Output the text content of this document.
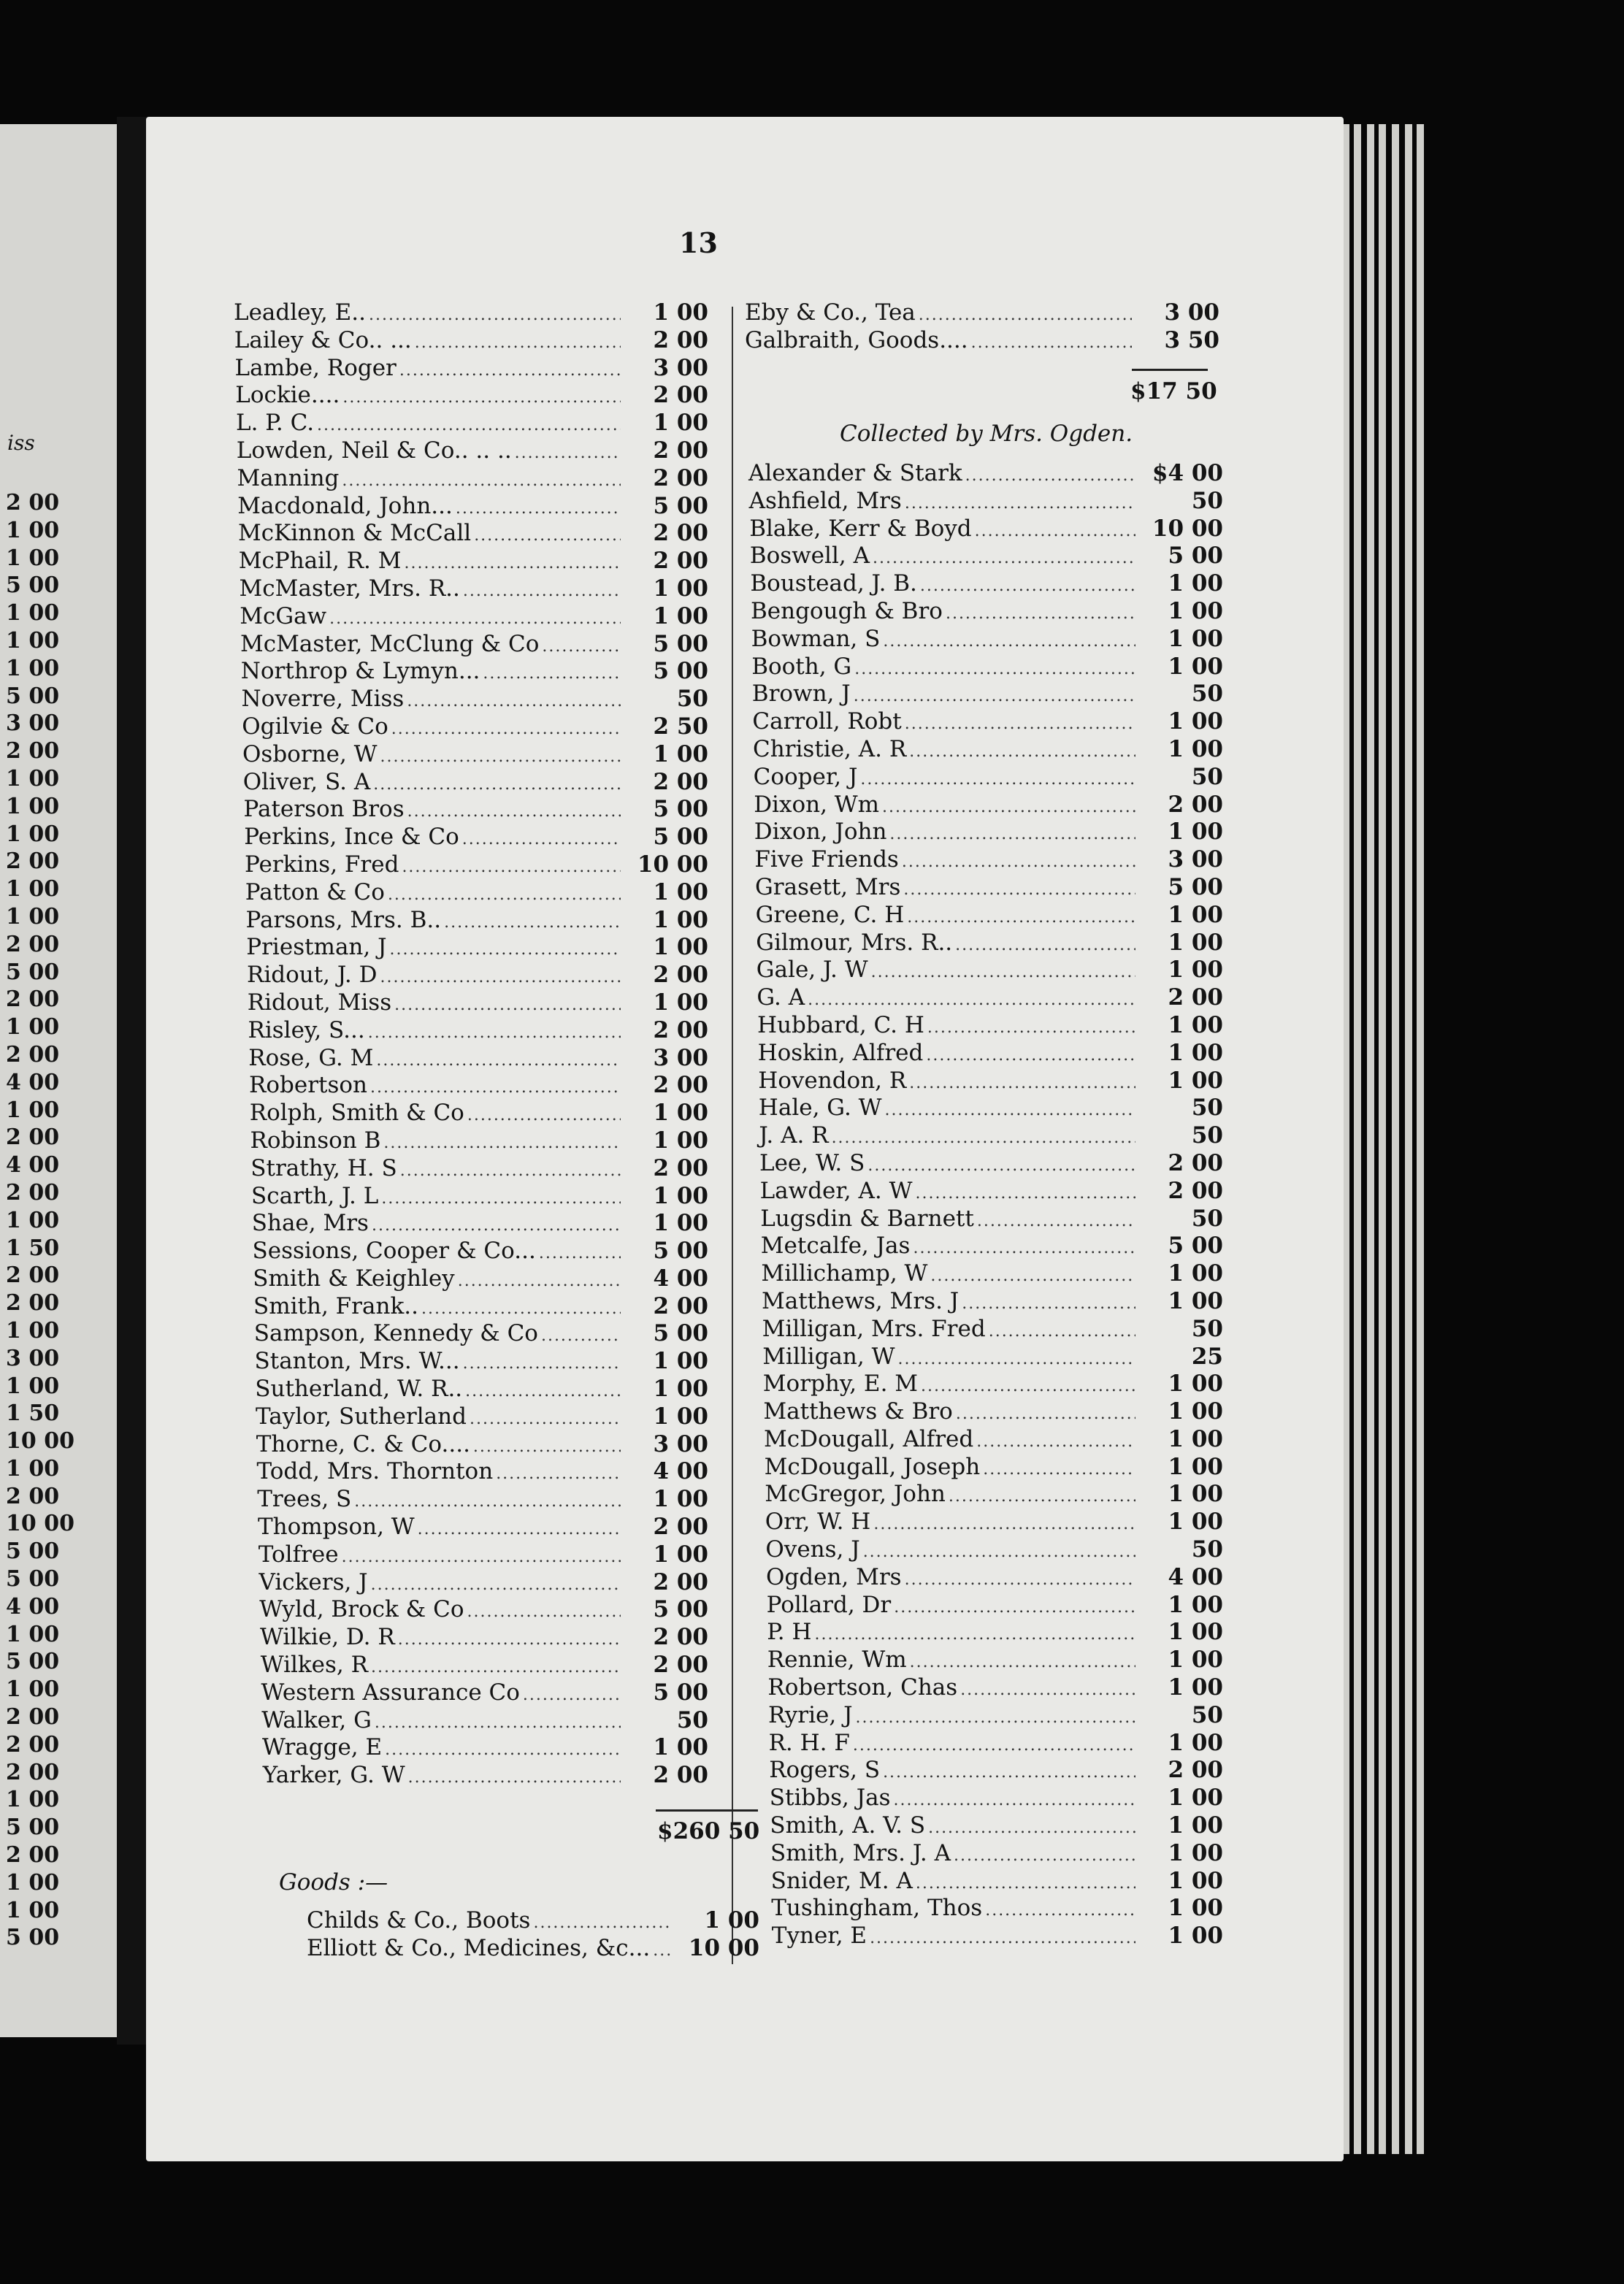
iss
2 00
1 00
1 00
5 00
1 00
1 00
1 00
5 00
3 00
2 00
1 00
1 00
1 00
2 00
1 00
1 00
2 00
5 00
2 00
1 00
2 00
4 00
1 00
2 00
4 00
2 00
1 00
1 50
2 00
2 00
1 00
3 00
1 00
1 50
10 00
1 00
2 00
10 00
5 00
5 00
4 00
1 00
5 00
1 00
2 00
2 00
2 00
1 00
5 00
2 00
1 00
1 00
5 00
13
Leadley, E.. .....	1 00
Lailey & Co.. ... .....	2 00
Lambe, Roger .....	3 00
Lockie.... .....	2 00
L. P. C. .....	1 00
Lowden, Neil & Co.. .. .. .....	2 00
Manning .....	2 00
Macdonald, John... .....	5 00
McKinnon & McCall .....	2 00
McPhail, R. M .....	2 00
McMaster, Mrs. R.. .....	1 00
McGaw .....	1 00
McMaster, McClung & Co .....	5 00
Northrop & Lymyn... .....	5 00
Noverre, Miss .....	50
Ogilvie & Co .....	2 50
Osborne, W .....	1 00
Oliver, S. A .....	2 00
Paterson Bros .....	5 00
Perkins, Ince & Co .....	5 00
Perkins, Fred .....	10 00
Patton & Co .....	1 00
Parsons, Mrs. B.. .....	1 00
Priestman, J .....	1 00
Ridout, J. D .....	2 00
Ridout, Miss .....	1 00
Risley, S... .....	2 00
Rose, G. M .....	3 00
Robertson .....	2 00
Rolph, Smith & Co .....	1 00
Robinson B .....	1 00
Strathy, H. S .....	2 00
Scarth, J. L .....	1 00
Shae, Mrs .....	1 00
Sessions, Cooper & Co... .....	5 00
Smith & Keighley .....	4 00
Smith, Frank.. .....	2 00
Sampson, Kennedy & Co .....	5 00
Stanton, Mrs. W... .....	1 00
Sutherland, W. R.. .....	1 00
Taylor, Sutherland .....	1 00
Thorne, C. & Co.... .....	3 00
Todd, Mrs. Thornton .....	4 00
Trees, S .....	1 00
Thompson, W .....	2 00
Tolfree .....	1 00
Vickers, J .....	2 00
Wyld, Brock & Co .....	5 00
Wilkie, D. R .....	2 00
Wilkes, R .....	2 00
Western Assurance Co .....	5 00
Walker, G .....	50
Wragge, E .....	1 00
Yarker, G. W .....	2 00
$260 50
Goods :—
Childs & Co., Boots .....	1 00
Elliott & Co., Medicines, &c... .....	10 00
Eby & Co., Tea .....	3 00
Galbraith, Goods.... .....	3 50
$17 50
Collected by Mrs. Ogden.
Alexander & Stark .....	$4 00
Ashfield, Mrs .....	50
Blake, Kerr & Boyd .....	10 00
Boswell, A .....	5 00
Boustead, J. B. .....	1 00
Bengough & Bro .....	1 00
Bowman, S .....	1 00
Booth, G .....	1 00
Brown, J .....	50
Carroll, Robt .....	1 00
Christie, A. R .....	1 00
Cooper, J .....	50
Dixon, Wm .....	2 00
Dixon, John .....	1 00
Five Friends .....	3 00
Grasett, Mrs .....	5 00
Greene, C. H .....	1 00
Gilmour, Mrs. R.. .....	1 00
Gale, J. W .....	1 00
G. A .....	2 00
Hubbard, C. H .....	1 00
Hoskin, Alfred .....	1 00
Hovendon, R .....	1 00
Hale, G. W .....	50
J. A. R .....	50
Lee, W. S .....	2 00
Lawder, A. W .....	2 00
Lugsdin & Barnett .....	50
Metcalfe, Jas .....	5 00
Millichamp, W .....	1 00
Matthews, Mrs. J .....	1 00
Milligan, Mrs. Fred .....	50
Milligan, W .....	25
Morphy, E. M .....	1 00
Matthews & Bro .....	1 00
McDougall, Alfred .....	1 00
McDougall, Joseph .....	1 00
McGregor, John .....	1 00
Orr, W. H .....	1 00
Ovens, J .....	50
Ogden, Mrs .....	4 00
Pollard, Dr .....	1 00
P. H .....	1 00
Rennie, Wm .....	1 00
Robertson, Chas .....	1 00
Ryrie, J .....	50
R. H. F .....	1 00
Rogers, S .....	2 00
Stibbs, Jas .....	1 00
Smith, A. V. S .....	1 00
Smith, Mrs. J. A .....	1 00
Snider, M. A .....	1 00
Tushingham, Thos .....	1 00
Tyner, E .....	1 00
